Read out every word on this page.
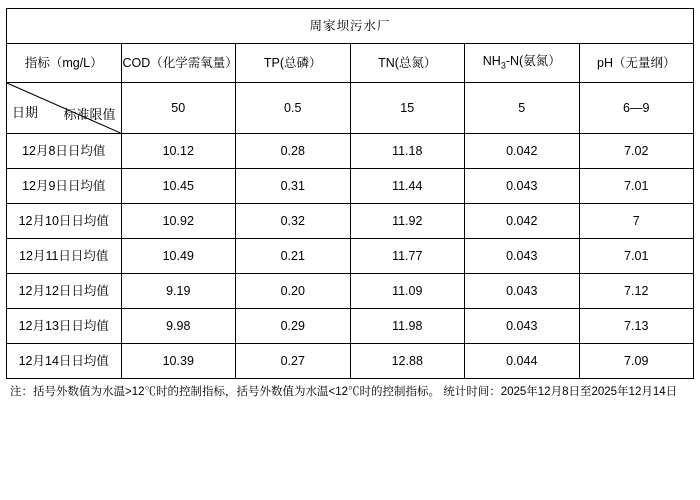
周家坝污水厂					
指标（mg/L）	COD（化学需氧量）	TP(总磷）	TN(总氮）	$NH_3-N$(氨氮）	pH（无量纲）

日期 标准限值	50	0.5	15	5	6—9
12月8日日均值	10.12	0.28	11.18	0.042	7.02
12月9日日均值	10.45	0.31	11.44	0.043	7.01
12月10日日均值	10.92	0.32	11.92	0.042	7
12月11日日均值	10.49	0.21	11.77	0.043	7.01
12月12日日均值	9.19	0.20	11.09	0.043	7.12
12月13日日均值	9.98	0.29	11.98	0.043	7.13
12月14日日均值	10.39	0.27	12.88	0.044	7.09
注：括号外数值为水温>12℃时的控制指标，括号外数值为水温<12℃时的控制指标。 统计时间：2025年12月8日至2025年12月14日
